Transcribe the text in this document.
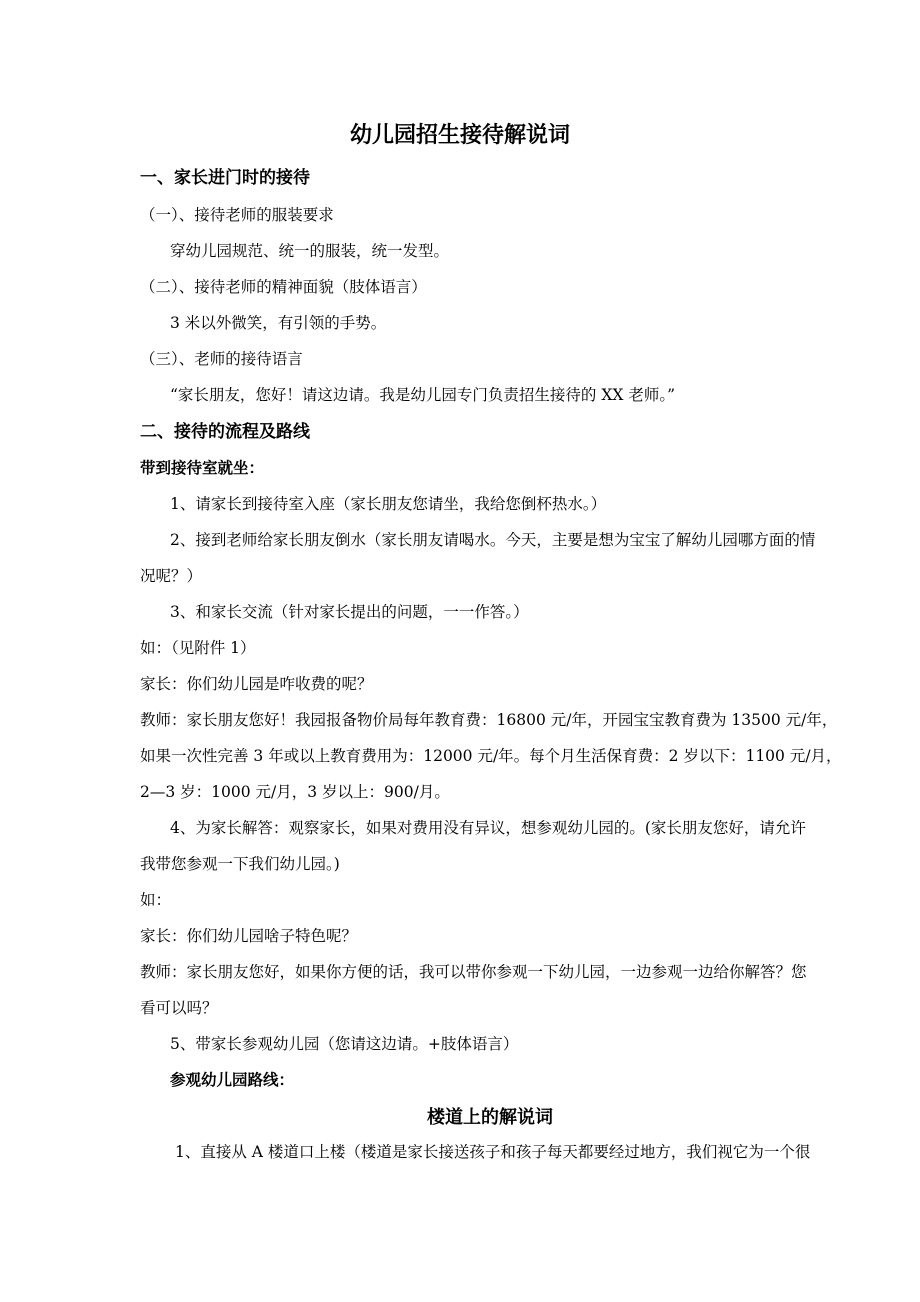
幼儿园招生接待解说词
一、家长进门时的接待
（一）、接待老师的服装要求
穿幼儿园规范、统一的服装，统一发型。
（二）、接待老师的精神面貌（肢体语言）
3 米以外微笑，有引领的手势。
（三）、老师的接待语言
“家长朋友，您好！请这边请。我是幼儿园专门负责招生接待的 XX 老师。”
二、接待的流程及路线
带到接待室就坐：
1、请家长到接待室入座（家长朋友您请坐，我给您倒杯热水。）
2、接到老师给家长朋友倒水（家长朋友请喝水。今天，主要是想为宝宝了解幼儿园哪方面的情
况呢？）
3、和家长交流（针对家长提出的问题，一一作答。）
如：（见附件 1）
家长：你们幼儿园是咋收费的呢？
教师：家长朋友您好！我园报备物价局每年教育费：16800 元/年，开园宝宝教育费为 13500 元/年，
如果一次性完善 3 年或以上教育费用为：12000 元/年。每个月生活保育费：2 岁以下：1100 元/月，
2—3 岁：1000 元/月，3 岁以上：900/月。
4、为家长解答：观察家长，如果对费用没有异议，想参观幼儿园的。(家长朋友您好，请允许
我带您参观一下我们幼儿园。)
如：
家长：你们幼儿园啥子特色呢？
教师：家长朋友您好，如果你方便的话，我可以带你参观一下幼儿园，一边参观一边给你解答？您
看可以吗？
5、带家长参观幼儿园（您请这边请。+肢体语言）
参观幼儿园路线：
楼道上的解说词
1、直接从 A 楼道口上楼（楼道是家长接送孩子和孩子每天都要经过地方，我们视它为一个很
